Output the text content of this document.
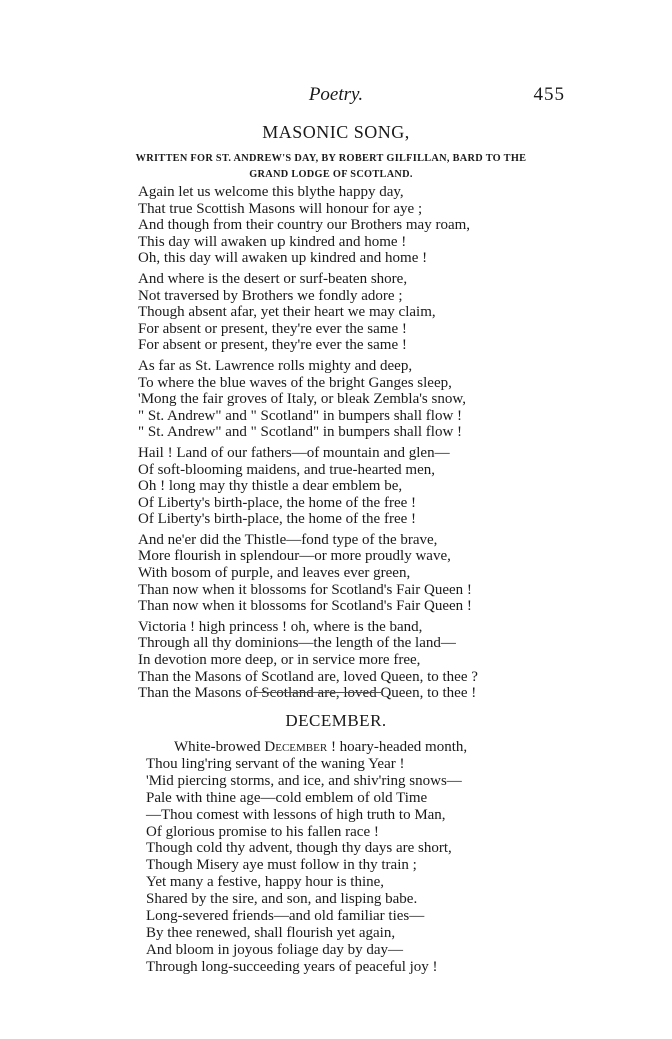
Poetry.	455
MASONIC SONG,
WRITTEN FOR ST. ANDREW'S DAY, BY ROBERT GILFILLAN, BARD TO THE
GRAND LODGE OF SCOTLAND.
Again let us welcome this blythe happy day,
That true Scottish Masons will honour for aye ;
And though from their country our Brothers may roam,
This day will awaken up kindred and home !
Oh, this day will awaken up kindred and home !
And where is the desert or surf-beaten shore,
Not traversed by Brothers we fondly adore ;
Though absent afar, yet their heart we may claim,
For absent or present, they're ever the same !
For absent or present, they're ever the same !
As far as St. Lawrence rolls mighty and deep,
To where the blue waves of the bright Ganges sleep,
'Mong the fair groves of Italy, or bleak Zembla's snow,
" St. Andrew" and " Scotland" in bumpers shall flow !
" St. Andrew" and " Scotland" in bumpers shall flow !
Hail ! Land of our fathers—of mountain and glen—
Of soft-blooming maidens, and true-hearted men,
Oh ! long may thy thistle a dear emblem be,
Of Liberty's birth-place, the home of the free !
Of Liberty's birth-place, the home of the free !
And ne'er did the Thistle—fond type of the brave,
More flourish in splendour—or more proudly wave,
With bosom of purple, and leaves ever green,
Than now when it blossoms for Scotland's Fair Queen !
Than now when it blossoms for Scotland's Fair Queen !
Victoria ! high princess ! oh, where is the band,
Through all thy dominions—the length of the land—
In devotion more deep, or in service more free,
Than the Masons of Scotland are, loved Queen, to thee ?
Than the Masons of Scotland are, loved Queen, to thee !
DECEMBER.
White-browed December ! hoary-headed month,
Thou ling'ring servant of the waning Year !
'Mid piercing storms, and ice, and shiv'ring snows—
Pale with thine age—cold emblem of old Time
—Thou comest with lessons of high truth to Man,
Of glorious promise to his fallen race !
Though cold thy advent, though thy days are short,
Though Misery aye must follow in thy train ;
Yet many a festive, happy hour is thine,
Shared by the sire, and son, and lisping babe.
Long-severed friends—and old familiar ties—
By thee renewed, shall flourish yet again,
And bloom in joyous foliage day by day—
Through long-succeeding years of peaceful joy !
